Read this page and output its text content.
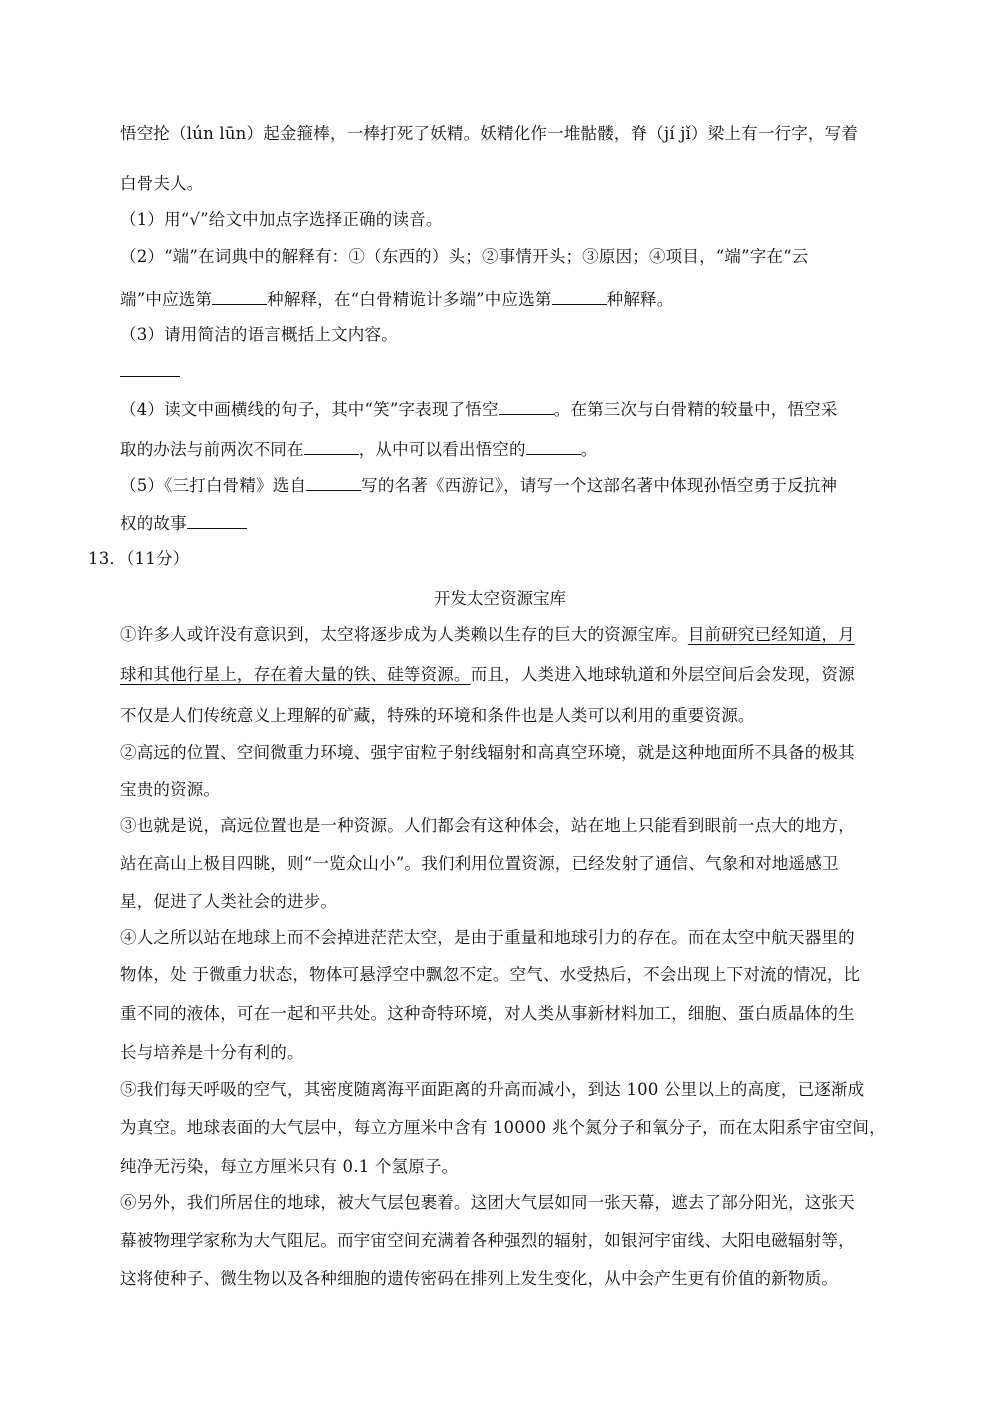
悟空抡（lún lūn）起金箍棒，一棒打死了妖精。妖精化作一堆骷髅，脊（jí jǐ）梁上有一行字，写着
白骨夫人。
（1）用“√”给文中加点字选择正确的读音。
（2）“端”在词典中的解释有：①（东西的）头；②事情开头；③原因；④项目，“端”字在“云
端”中应选第	种解释，在“白骨精诡计多端”中应选第	种解释。
（3）请用简洁的语言概括上文内容。
（4）读文中画横线的句子，其中“笑”字表现了悟空	。在第三次与白骨精的较量中，悟空采
取的办法与前两次不同在	，从中可以看出悟空的	。
（5）《三打白骨精》选自	写的名著《西游记》，请写一个这部名著中体现孙悟空勇于反抗神
权的故事
13．（11分）
开发太空资源宝库
①许多人或许没有意识到，太空将逐步成为人类赖以生存的巨大的资源宝库。目前研究已经知道，月
球和其他行星上，存在着大量的铁、硅等资源。而且，人类进入地球轨道和外层空间后会发现，资源
不仅是人们传统意义上理解的矿藏，特殊的环境和条件也是人类可以利用的重要资源。
②高远的位置、空间微重力环境、强宇宙粒子射线辐射和高真空环境，就是这种地面所不具备的极其
宝贵的资源。
③也就是说，高远位置也是一种资源。人们都会有这种体会，站在地上只能看到眼前一点大的地方，
站在高山上极目四眺，则“一览众山小”。我们利用位置资源，已经发射了通信、气象和对地遥感卫
星，促进了人类社会的进步。
④人之所以站在地球上而不会掉进茫茫太空，是由于重量和地球引力的存在。而在太空中航天器里的
物体，处 于微重力状态，物体可悬浮空中飘忽不定。空气、水受热后，不会出现上下对流的情况，比
重不同的液体，可在一起和平共处。这种奇特环境，对人类从事新材料加工，细胞、蛋白质晶体的生
长与培养是十分有利的。
⑤我们每天呼吸的空气，其密度随离海平面距离的升高而减小，到达 100 公里以上的高度，已逐渐成
为真空。地球表面的大气层中，每立方厘米中含有 10000 兆个氮分子和氧分子，而在太阳系宇宙空间，
纯净无污染，每立方厘米只有 0.1 个氢原子。
⑥另外，我们所居住的地球，被大气层包裹着。这团大气层如同一张天幕，遮去了部分阳光，这张天
幕被物理学家称为大气阻尼。而宇宙空间充满着各种强烈的辐射，如银河宇宙线、大阳电磁辐射等，
这将使种子、微生物以及各种细胞的遗传密码在排列上发生变化，从中会产生更有价值的新物质。
